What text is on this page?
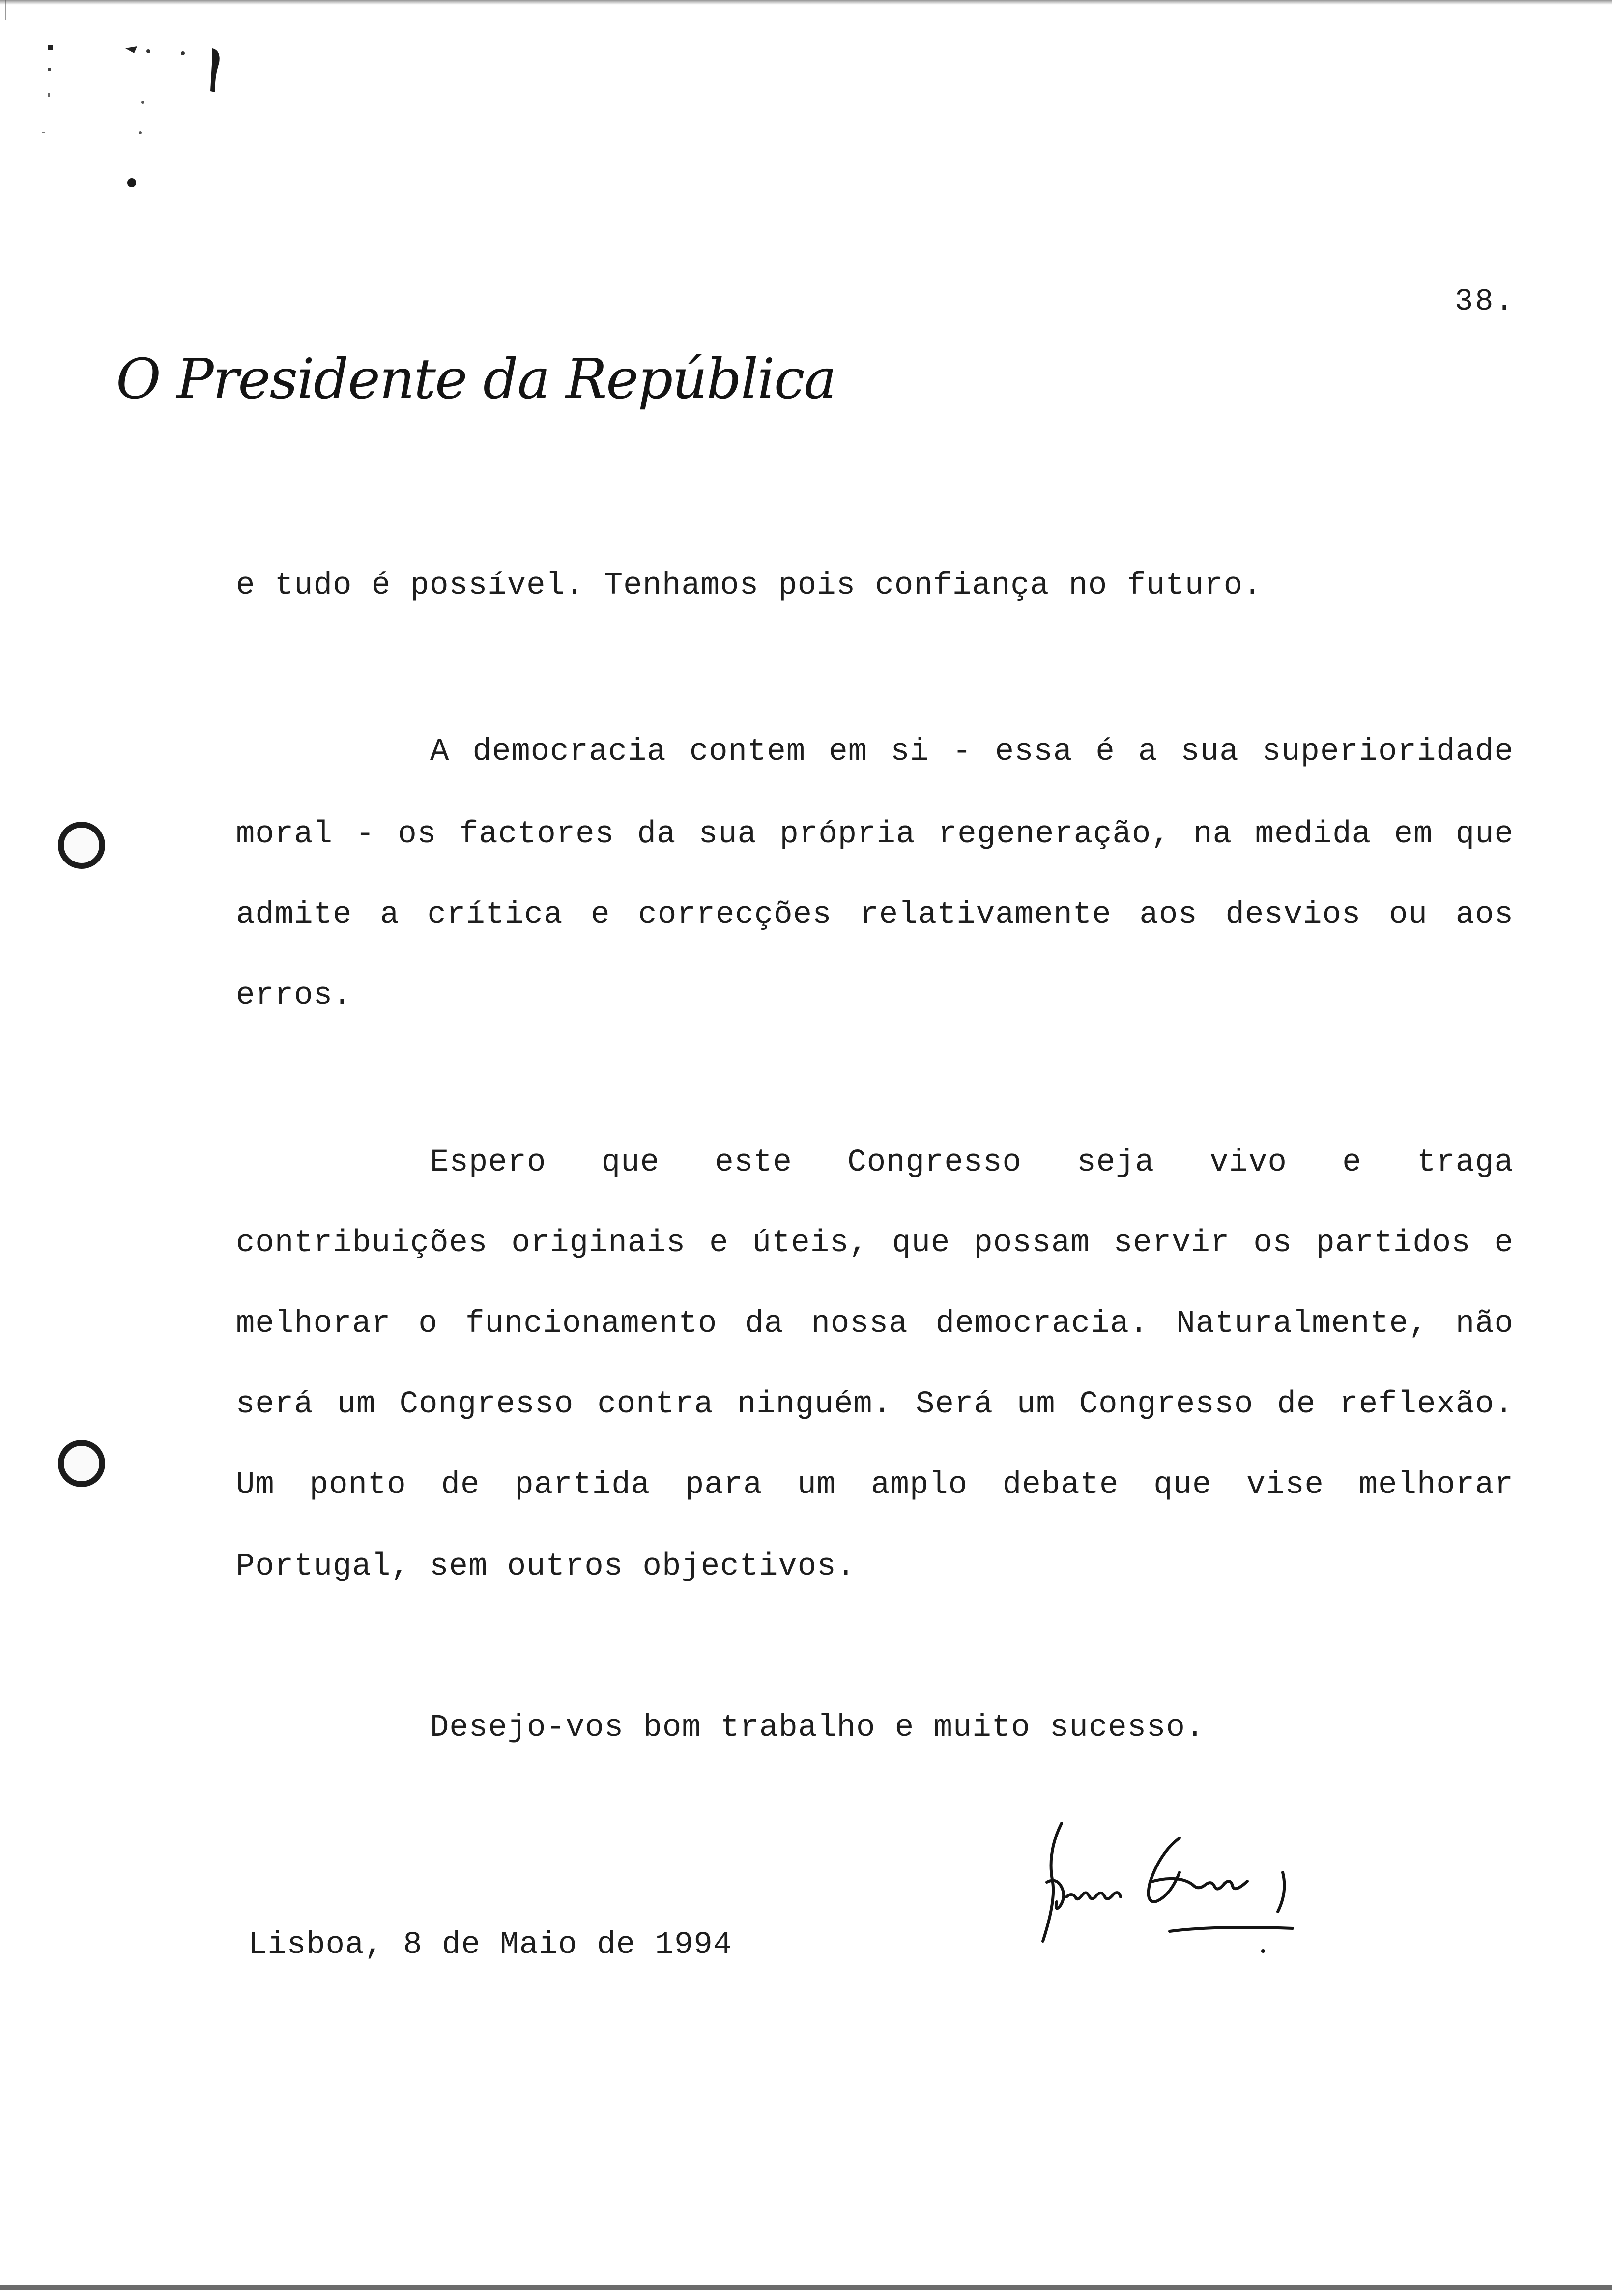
38.
O Presidente da República
e tudo é possível. Tenhamos pois confiança no futuro.
A democracia contem em si - essa é a sua superioridade
moral - os factores da sua própria regeneração, na medida em que
admite a crítica e correcções relativamente aos desvios ou aos
erros.
Espero que este Congresso seja vivo e traga
contribuições originais e úteis, que possam servir os partidos e
melhorar o funcionamento da nossa democracia. Naturalmente, não
será um Congresso contra ninguém. Será um Congresso de reflexão.
Um ponto de partida para um amplo debate que vise melhorar
Portugal, sem outros objectivos.
Desejo-vos bom trabalho e muito sucesso.
Lisboa, 8 de Maio de 1994
